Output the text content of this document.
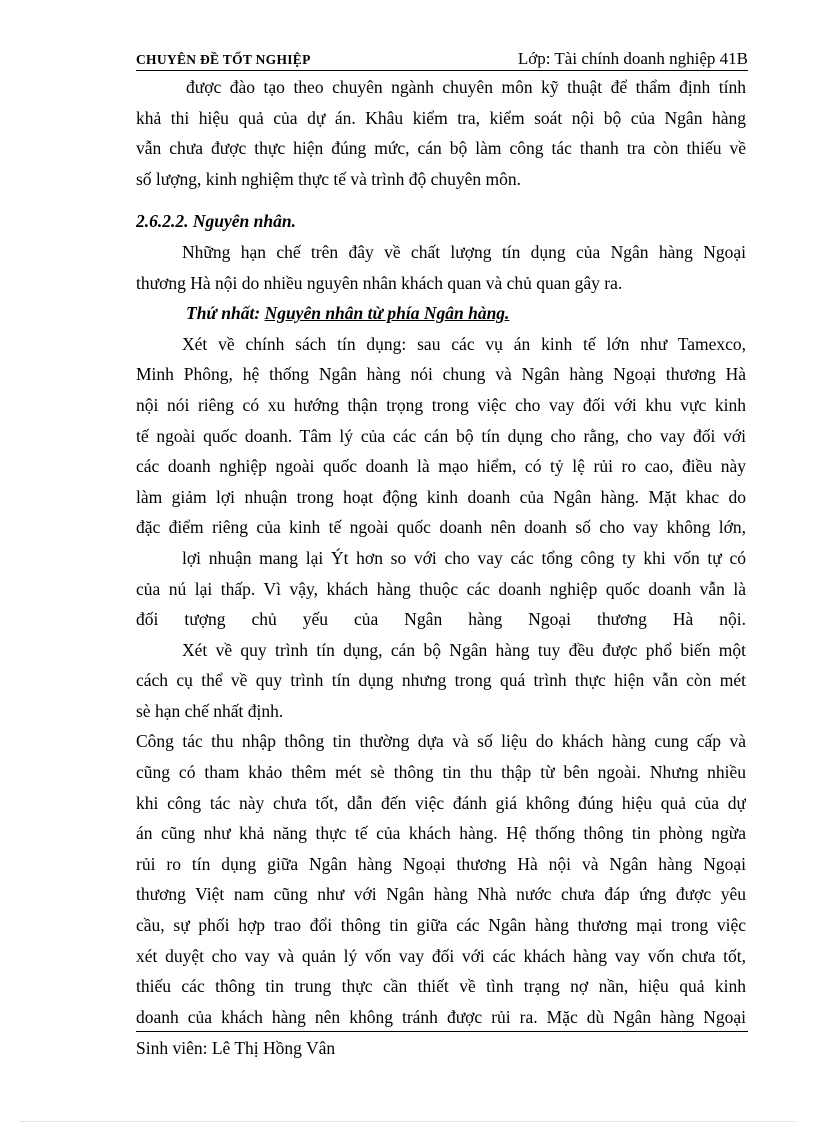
CHUYÊN ĐỀ TỐT NGHIỆP	Lớp: Tài chính doanh nghiệp 41B

được đào tạo theo chuyên ngành chuyên môn kỹ thuật để thẩm định tính
khả thi hiệu quả của dự án. Khâu kiểm tra, kiểm soát nội bộ của Ngân hàng
vẫn chưa được thực hiện đúng mức, cán bộ làm công tác thanh tra còn thiếu về
số lượng, kinh nghiệm thực tế và trình độ chuyên môn.

2.6.2.2. Nguyên nhân.

Những hạn chế trên đây về chất lượng tín dụng của Ngân hàng Ngoại
thương Hà nội do nhiều nguyên nhân khách quan và chủ quan gây ra.

Thứ nhất: Nguyên nhân từ phía Ngân hàng.

Xét về chính sách tín dụng: sau các vụ án kinh tế lớn như Tamexco,
Minh Phông, hệ thống Ngân hàng nói chung và Ngân hàng Ngoại thương Hà
nội nói riêng có xu hướng thận trọng trong việc cho vay đối với khu vực kinh
tế ngoài quốc doanh. Tâm lý của các cán bộ tín dụng cho rằng, cho vay đối với
các doanh nghiệp ngoài quốc doanh là mạo hiểm, có tỷ lệ rủi ro cao, điều này
làm giảm lợi nhuận trong hoạt động kinh doanh của Ngân hàng. Mặt khac do
đặc điểm riêng của kinh tế ngoài quốc doanh nên doanh số cho vay không lớn,

lợi nhuận mang lại Ýt hơn so với cho vay các tổng công ty khi vốn tự có
của nú lại thấp. Vì vậy, khách hàng thuộc các doanh nghiệp quốc doanh vẫn là
đối tượng chủ yếu của Ngân hàng Ngoại thương Hà nội.

Xét về quy trình tín dụng, cán bộ Ngân hàng tuy đều được phổ biến một
cách cụ thể về quy trình tín dụng nhưng trong quá trình thực hiện vẫn còn mét
sè hạn chế nhất định.

Công tác thu nhập thông tin thường dựa và số liệu do khách hàng cung cấp và
cũng có tham khảo thêm mét sè thông tin thu thập từ bên ngoài. Nhưng nhiều
khi công tác này chưa tốt, dẫn đến việc đánh giá không đúng hiệu quả của dự
án cũng như khả năng thực tế của khách hàng. Hệ thống thông tin phòng ngừa
rủi ro tín dụng giữa Ngân hàng Ngoại thương Hà nội và Ngân hàng Ngoại
thương Việt nam cũng như với Ngân hàng Nhà nước chưa đáp ứng được yêu
cầu, sự phối hợp trao đổi thông tin giữa các Ngân hàng thương mại trong việc
xét duyệt cho vay và quản lý vốn vay đối với các khách hàng vay vốn chưa tốt,
thiếu các thông tin trung thực cần thiết về tình trạng nợ nần, hiệu quả kinh
doanh của khách hàng nên không tránh được rủi ra. Mặc dù Ngân hàng Ngoại

Sinh viên: Lê Thị Hồng Vân
